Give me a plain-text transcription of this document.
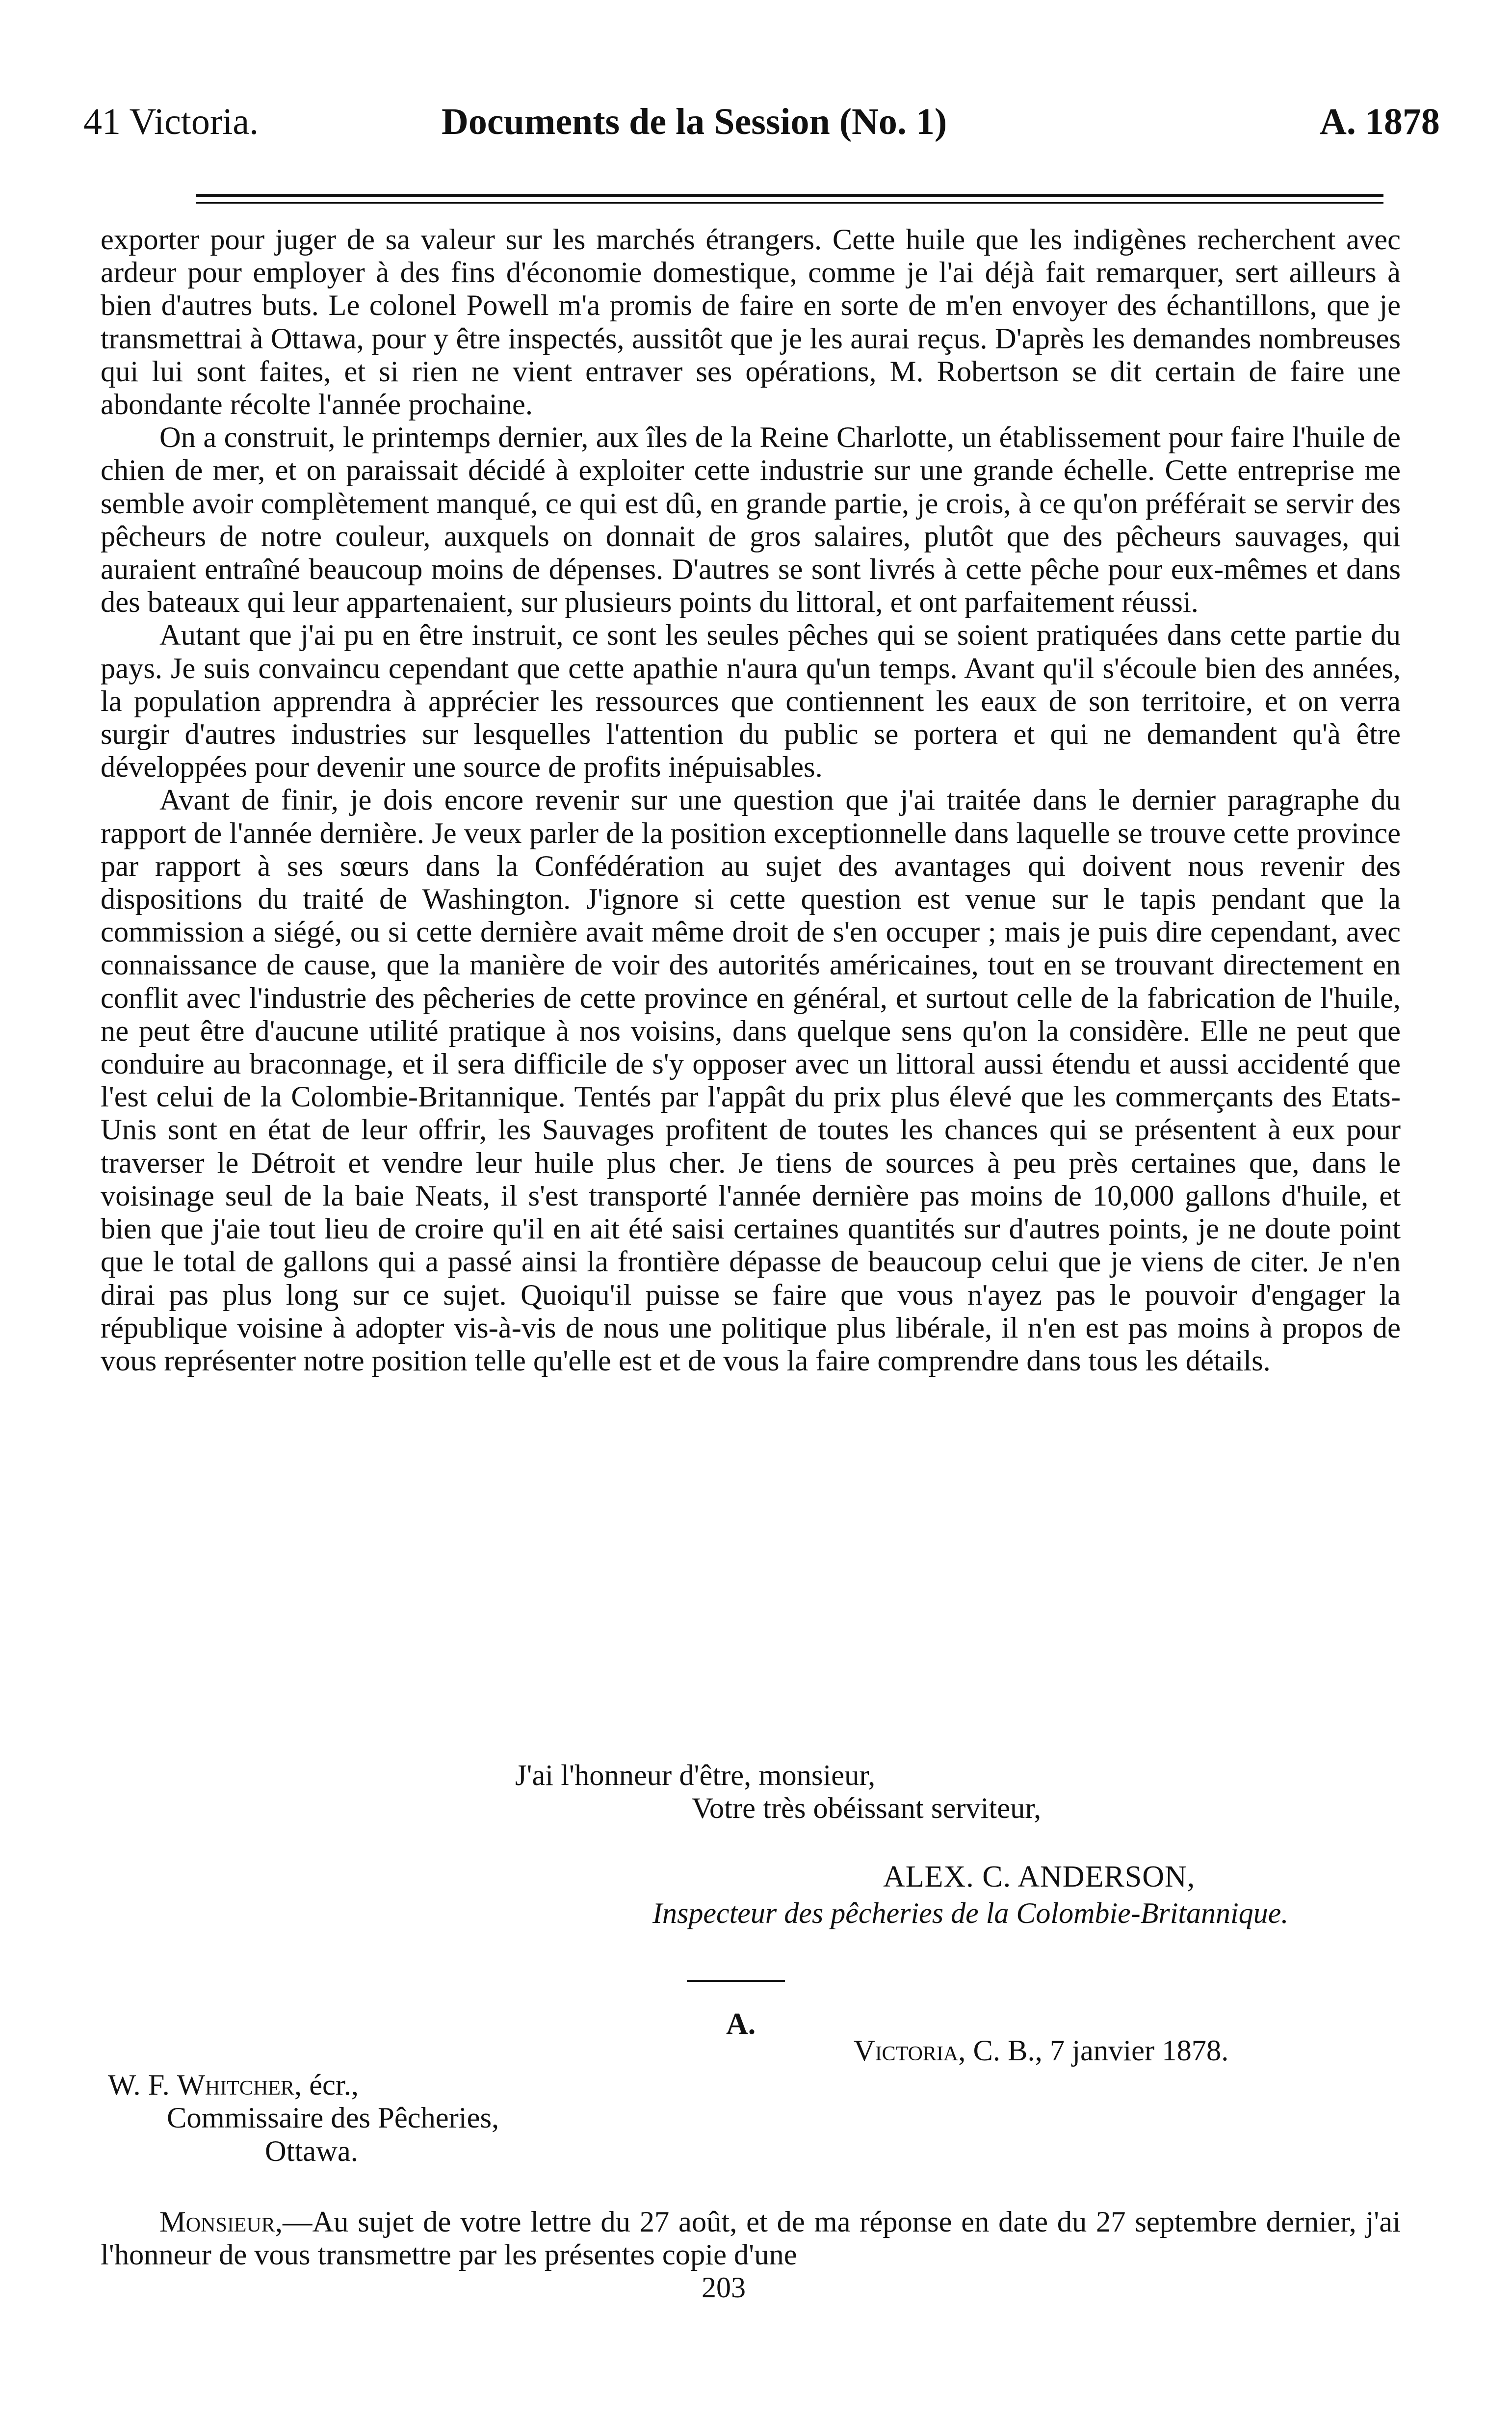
41 Victoria.	Documents de la Session (No. 1)	A. 1878

exporter pour juger de sa valeur sur les marchés étrangers. Cette huile que les indigènes recherchent avec ardeur pour employer à des fins d'économie domestique, comme je l'ai déjà fait remarquer, sert ailleurs à bien d'autres buts. Le colonel Powell m'a promis de faire en sorte de m'en envoyer des échantillons, que je transmettrai à Ottawa, pour y être inspectés, aussitôt que je les aurai reçus. D'après les demandes nombreuses qui lui sont faites, et si rien ne vient entraver ses opérations, M. Robertson se dit certain de faire une abondante récolte l'année prochaine.

On a construit, le printemps dernier, aux îles de la Reine Charlotte, un établissement pour faire l'huile de chien de mer, et on paraissait décidé à exploiter cette industrie sur une grande échelle. Cette entreprise me semble avoir complètement manqué, ce qui est dû, en grande partie, je crois, à ce qu'on préférait se servir des pêcheurs de notre couleur, auxquels on donnait de gros salaires, plutôt que des pêcheurs sauvages, qui auraient entraîné beaucoup moins de dépenses. D'autres se sont livrés à cette pêche pour eux-mêmes et dans des bateaux qui leur appartenaient, sur plusieurs points du littoral, et ont parfaitement réussi.

Autant que j'ai pu en être instruit, ce sont les seules pêches qui se soient pratiquées dans cette partie du pays. Je suis convaincu cependant que cette apathie n'aura qu'un temps. Avant qu'il s'écoule bien des années, la population apprendra à apprécier les ressources que contiennent les eaux de son territoire, et on verra surgir d'autres industries sur lesquelles l'attention du public se portera et qui ne demandent qu'à être développées pour devenir une source de profits inépuisables.

Avant de finir, je dois encore revenir sur une question que j'ai traitée dans le dernier paragraphe du rapport de l'année dernière. Je veux parler de la position exceptionnelle dans laquelle se trouve cette province par rapport à ses sœurs dans la Confédération au sujet des avantages qui doivent nous revenir des dispositions du traité de Washington. J'ignore si cette question est venue sur le tapis pendant que la commission a siégé, ou si cette dernière avait même droit de s'en occuper ; mais je puis dire cependant, avec connaissance de cause, que la manière de voir des autorités américaines, tout en se trouvant directement en conflit avec l'industrie des pêcheries de cette province en général, et surtout celle de la fabrication de l'huile, ne peut être d'aucune utilité pratique à nos voisins, dans quelque sens qu'on la considère. Elle ne peut que conduire au braconnage, et il sera difficile de s'y opposer avec un littoral aussi étendu et aussi accidenté que l'est celui de la Colombie-Britannique. Tentés par l'appât du prix plus élevé que les commerçants des Etats-Unis sont en état de leur offrir, les Sauvages profitent de toutes les chances qui se présentent à eux pour traverser le Détroit et vendre leur huile plus cher. Je tiens de sources à peu près certaines que, dans le voisinage seul de la baie Neats, il s'est transporté l'année dernière pas moins de 10,000 gallons d'huile, et bien que j'aie tout lieu de croire qu'il en ait été saisi certaines quantités sur d'autres points, je ne doute point que le total de gallons qui a passé ainsi la frontière dépasse de beaucoup celui que je viens de citer. Je n'en dirai pas plus long sur ce sujet. Quoiqu'il puisse se faire que vous n'ayez pas le pouvoir d'engager la république voisine à adopter vis-à-vis de nous une politique plus libérale, il n'en est pas moins à propos de vous représenter notre position telle qu'elle est et de vous la faire comprendre dans tous les détails.

J'ai l'honneur d'être, monsieur,
Votre très obéissant serviteur,
ALEX. C. ANDERSON,
Inspecteur des pêcheries de la Colombie-Britannique.
A.
Victoria, C. B., 7 janvier 1878.
W. F. Whitcher, écr.,
Commissaire des Pêcheries,
Ottawa.

Monsieur,—Au sujet de votre lettre du 27 août, et de ma réponse en date du 27 septembre dernier, j'ai l'honneur de vous transmettre par les présentes copie d'une

203
